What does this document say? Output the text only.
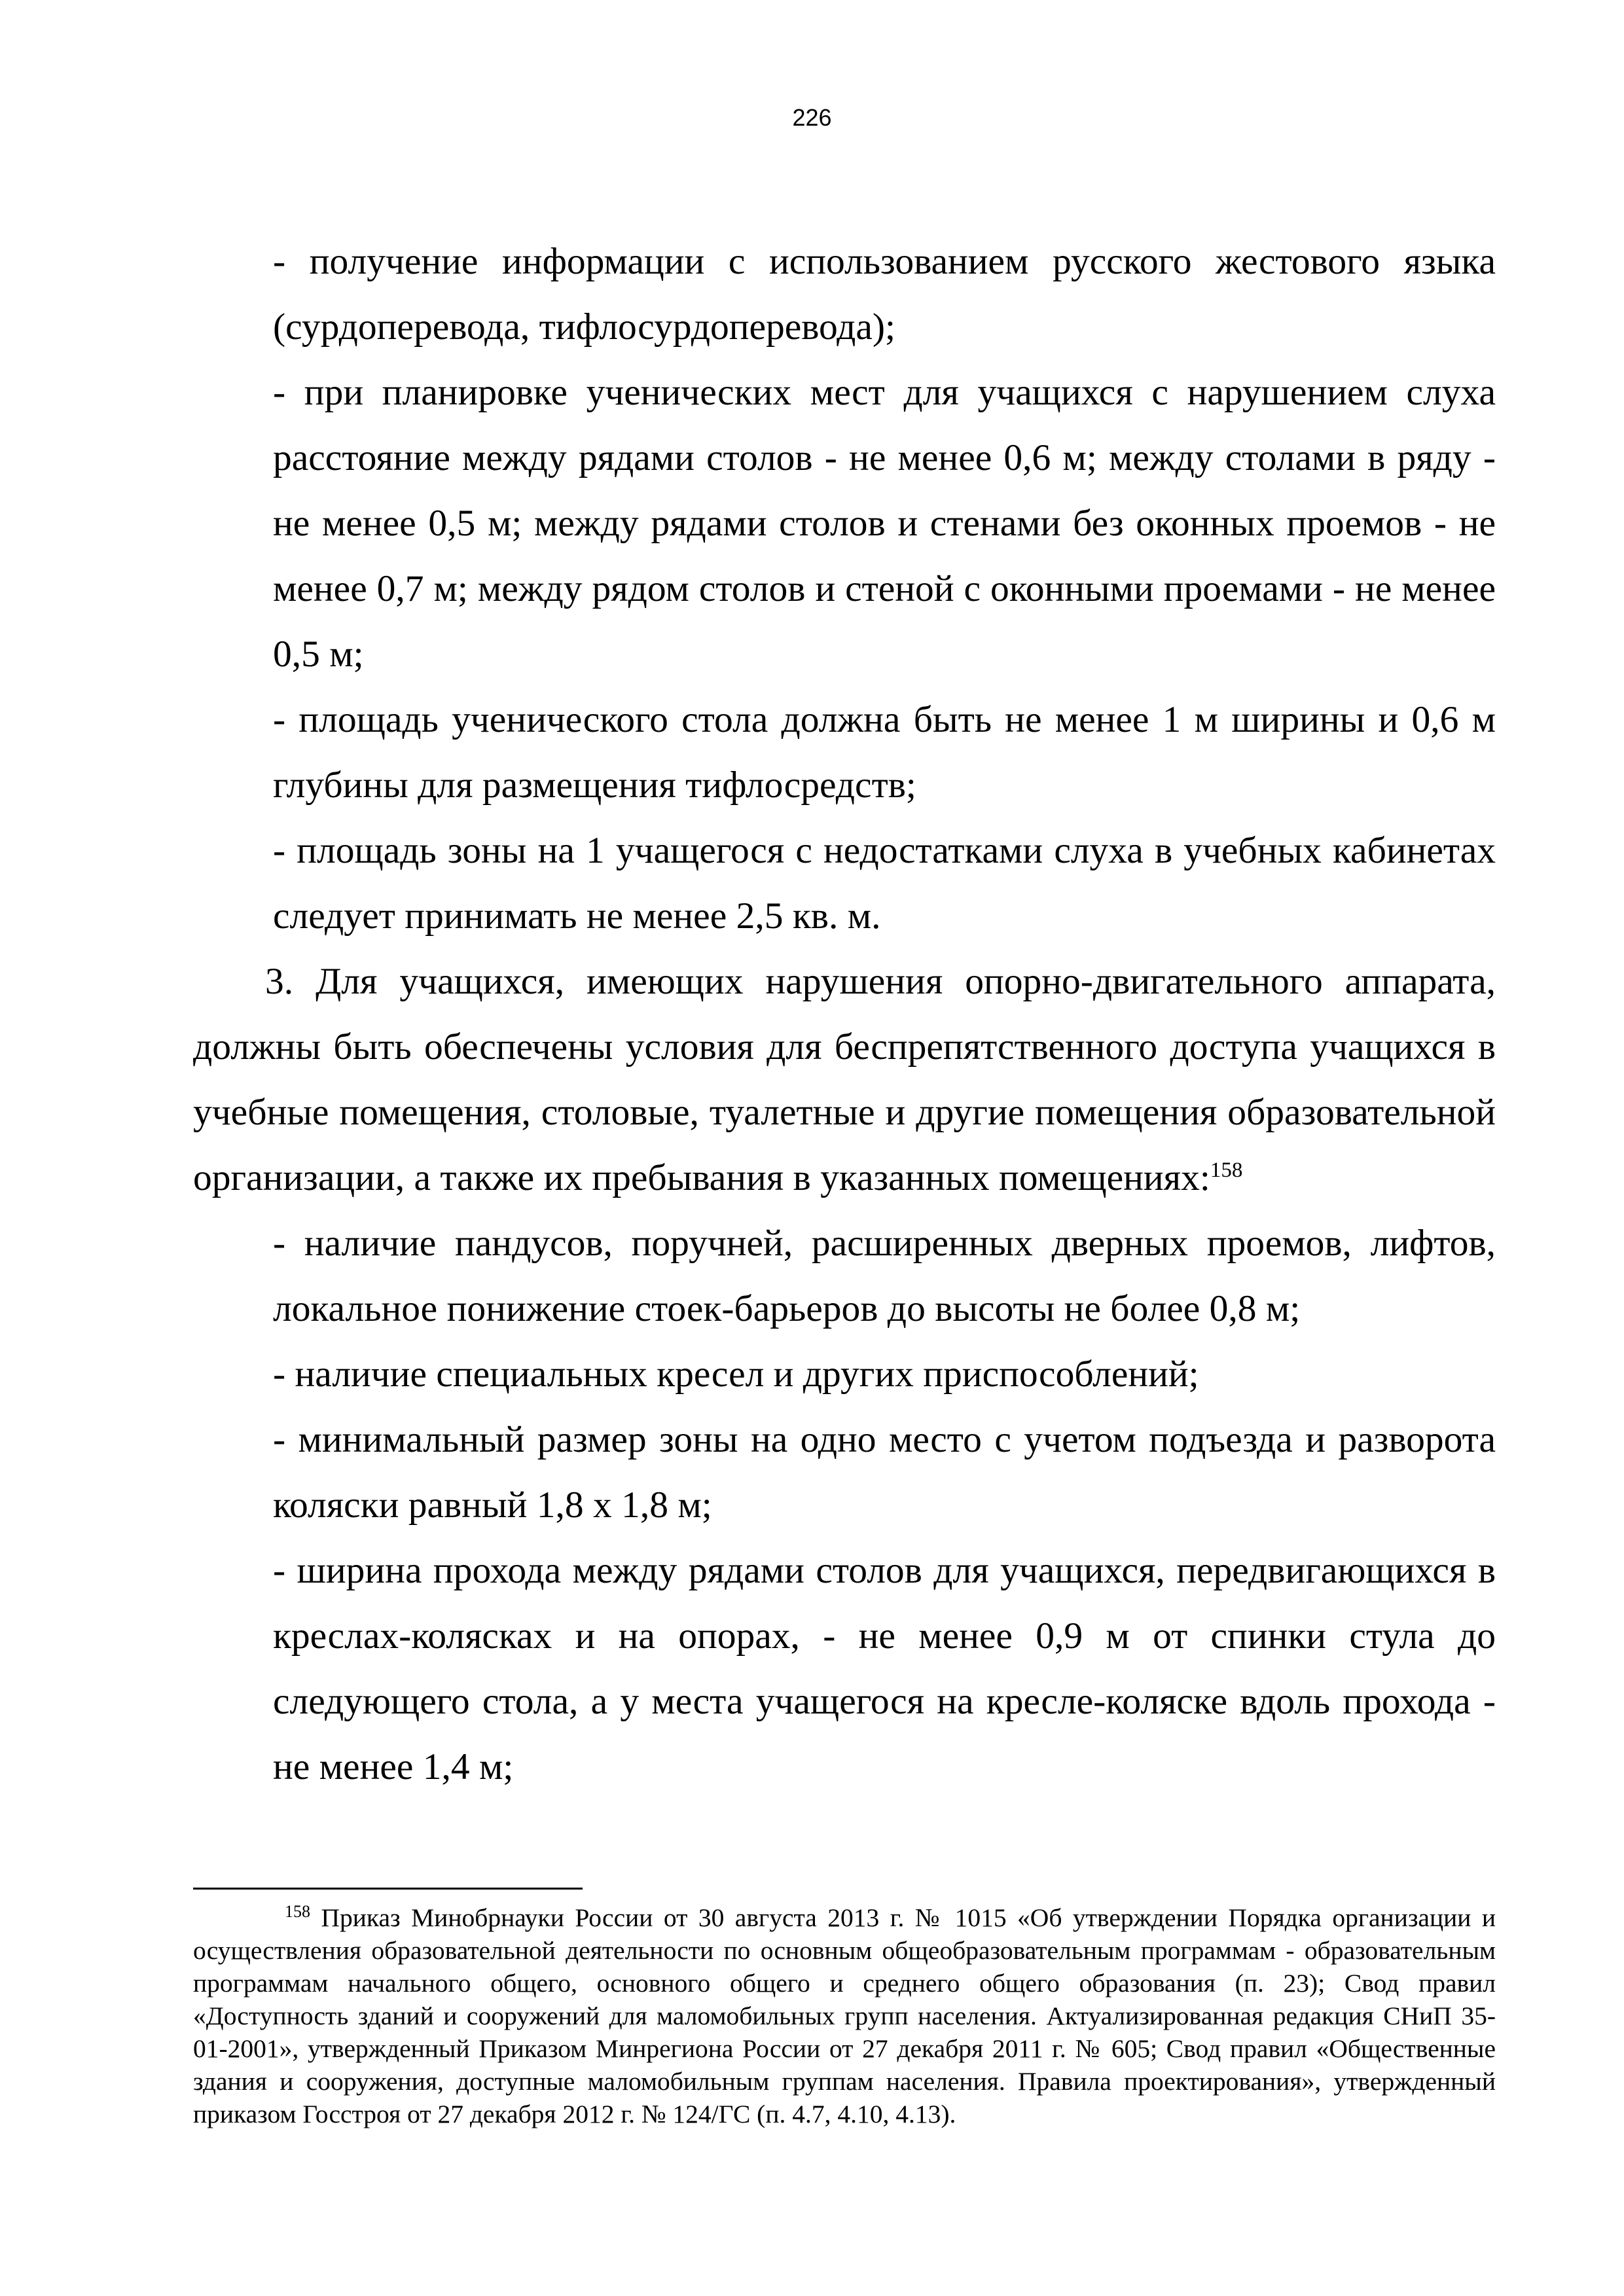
226

- получение информации с использованием русского жестового языка (сурдоперевода, тифлосурдоперевода);

- при планировке ученических мест для учащихся с нарушением слуха расстояние между рядами столов - не менее 0,6 м; между столами в ряду - не менее 0,5 м; между рядами столов и стенами без оконных проемов - не менее 0,7 м; между рядом столов и стеной с оконными проемами - не менее 0,5 м;

- площадь ученического стола должна быть не менее 1 м ширины и 0,6 м глубины для размещения тифлосредств;

- площадь зоны на 1 учащегося с недостатками слуха в учебных кабинетах следует принимать не менее 2,5 кв. м.

3. Для учащихся, имеющих нарушения опорно-двигательного аппарата, должны быть обеспечены условия для беспрепятственного доступа учащихся в учебные помещения, столовые, туалетные и другие помещения образовательной организации, а также их пребывания в указанных помещениях:$^{158}$

- наличие пандусов, поручней, расширенных дверных проемов, лифтов, локальное понижение стоек-барьеров до высоты не более 0,8 м;

- наличие специальных кресел и других приспособлений;

- минимальный размер зоны на одно место с учетом подъезда и разворота коляски равный 1,8 х 1,8 м;

- ширина прохода между рядами столов для учащихся, передвигающихся в креслах-колясках и на опорах, - не менее 0,9 м от спинки стула до следующего стола, а у места учащегося на кресле-коляске вдоль прохода - не менее 1,4 м;

$^{158}$ Приказ Минобрнауки России от 30 августа 2013 г. № 1015 «Об утверждении Порядка организации и осуществления образовательной деятельности по основным общеобразовательным программам - образовательным программам начального общего, основного общего и среднего общего образования (п. 23); Свод правил «Доступность зданий и сооружений для маломобильных групп населения. Актуализированная редакция СНиП 35-01-2001», утвержденный Приказом Минрегиона России от 27 декабря 2011 г. № 605; Свод правил «Общественные здания и сооружения, доступные маломобильным группам населения. Правила проектирования», утвержденный приказом Госстроя от 27 декабря 2012 г. № 124/ГС (п. 4.7, 4.10, 4.13).
